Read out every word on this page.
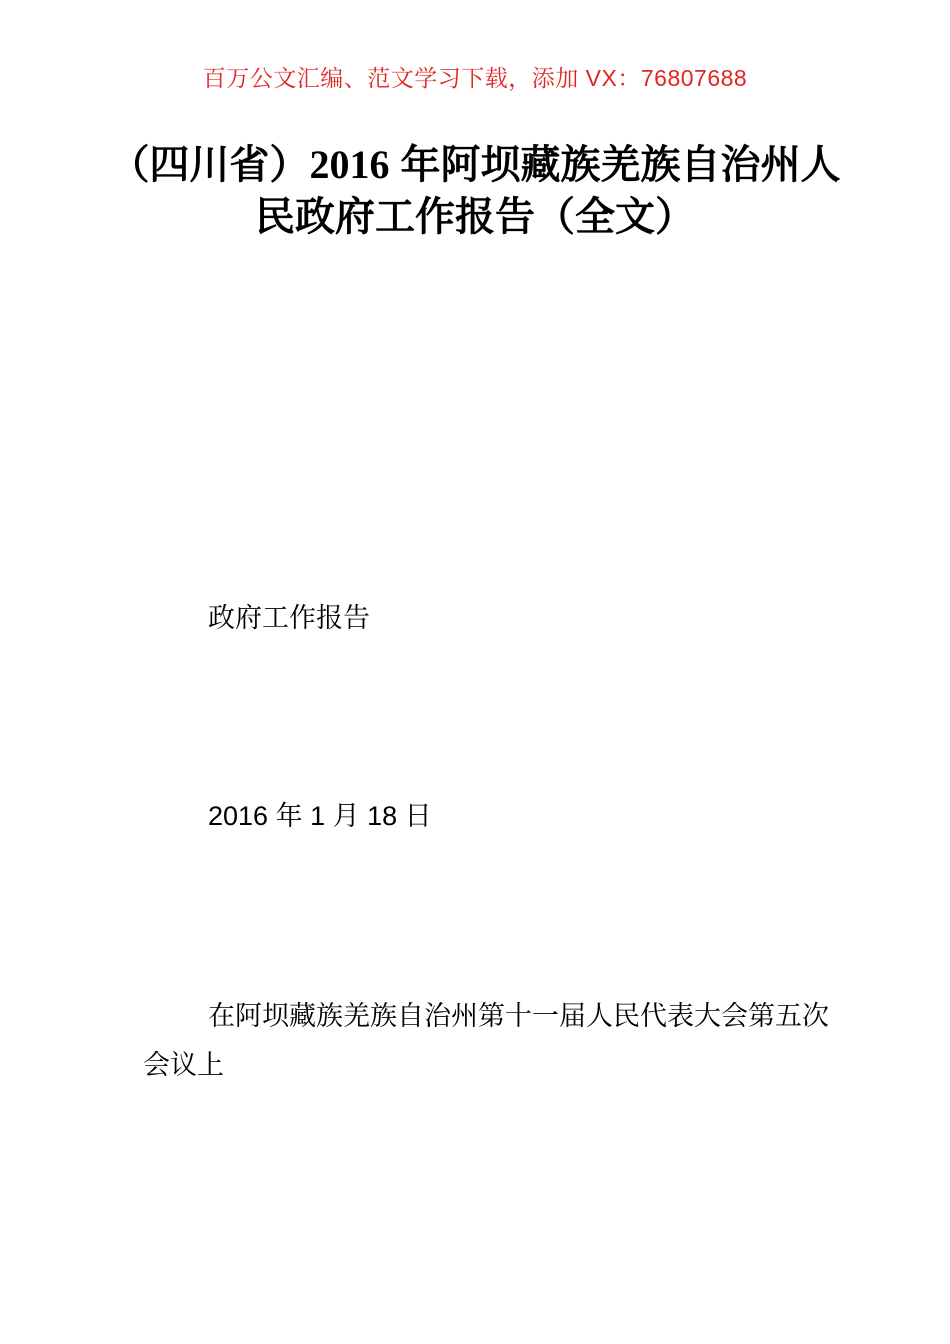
百万公文汇编、范文学习下载，添加 VX：76807688
（四川省）2016 年阿坝藏族羌族自治州人
民政府工作报告（全文）

政府工作报告

2016 年 1 月 18 日

在阿坝藏族羌族自治州第十一届人民代表大会第五次

会议上
